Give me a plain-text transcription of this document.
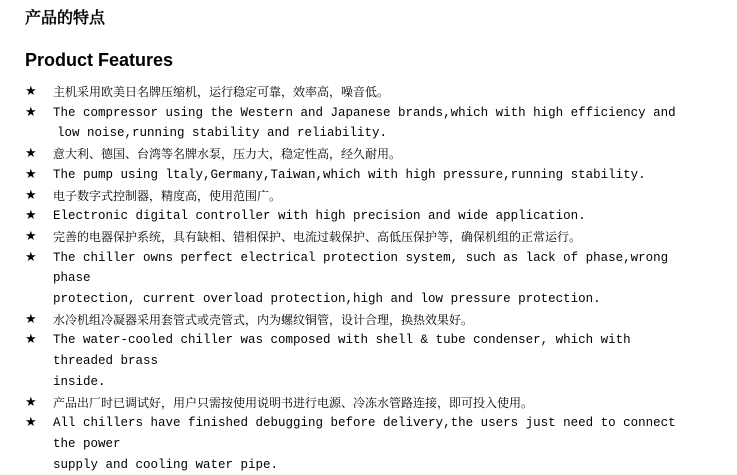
产品的特点
Product Features
★ 主机采用欧美日名牌压缩机，运行稳定可靠，效率高，噪音低。
★ The compressor using the Western and Japanese brands,which with high efficiency and
low noise,running stability and reliability.
★ 意大利、德国、台湾等名牌水泵，压力大，稳定性高，经久耐用。
★ The pump using ltaly,Germany,Taiwan,which with high pressure,running stability.
★ 电子数字式控制器，精度高，使用范围广。
★ Electronic digital controller with high precision and wide application.
★ 完善的电器保护系统，具有缺相、错相保护、电流过载保护、高低压保护等，确保机组的正常运行。
★ The chiller owns perfect electrical protection system, such as lack of phase,wrong phase
protection, current overload protection,high and low pressure protection.
★ 水冷机组冷凝器采用套管式或壳管式，内为螺纹铜管，设计合理，换热效果好。
★ The water-cooled chiller was composed with shell & tube condenser, which with threaded brass
inside.
★ 产品出厂时已调试好，用户只需按使用说明书进行电源、冷冻水管路连接，即可投入使用。
★ All chillers have finished debugging before delivery,the users just need to connect the power
supply and cooling water pipe.
